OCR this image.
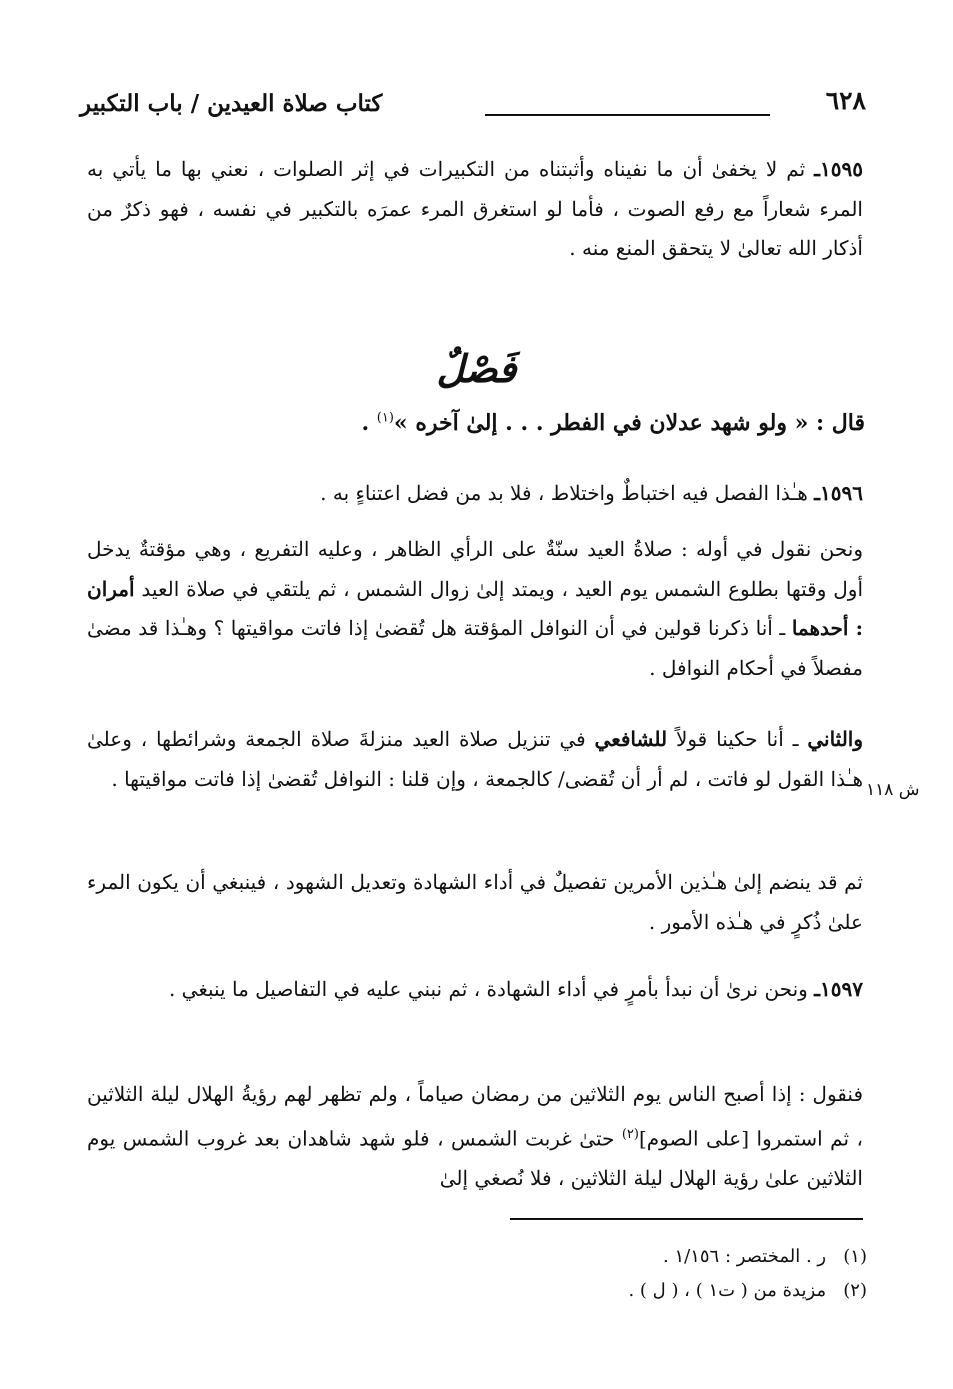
٦٢٨
كتاب صلاة العيدين / باب التكبير

١٥٩٥ـ ثم لا يخفىٰ أن ما نفيناه وأثبتناه من التكبيرات في إثر الصلوات ، نعني بها ما يأتي به المرء شعاراً مع رفع الصوت ، فأما لو استغرق المرء عمرَه بالتكبير في نفسه ، فهو ذكرٌ من أذكار الله تعالىٰ لا يتحقق المنع منه .

فَصْلٌ
قال : « ولو شهد عدلان في الفطر . . . إلىٰ آخره »$^{(١)}$ .

١٥٩٦ـ هـٰذا الفصل فيه اختباطٌ واختلاط ، فلا بد من فضل اعتناءٍ به .

ونحن نقول في أوله : صلاةُ العيد سنّةٌ على الرأي الظاهر ، وعليه التفريع ، وهي مؤقتةٌ يدخل أول وقتها بطلوع الشمس يوم العيد ، ويمتد إلىٰ زوال الشمس ، ثم يلتقي في صلاة العيد أمران : أحدهما ـ أنا ذكرنا قولين في أن النوافل المؤقتة هل تُقضىٰ إذا فاتت مواقيتها ؟ وهـٰذا قد مضىٰ مفصلاً في أحكام النوافل .

والثاني ـ أنا حكينا قولاً للشافعي في تنزيل صلاة العيد منزلةَ صلاة الجمعة وشرائطها ، وعلىٰ هـٰذا القول لو فاتت ، لم أر أن تُقضى/ كالجمعة ، وإن قلنا : النوافل تُقضىٰ إذا فاتت مواقيتها . ش ١١٨

ثم قد ينضم إلىٰ هـٰذين الأمرين تفصيلٌ في أداء الشهادة وتعديل الشهود ، فينبغي أن يكون المرء علىٰ ذُكرٍ في هـٰذه الأمور .

١٥٩٧ـ ونحن نرىٰ أن نبدأ بأمرٍ في أداء الشهادة ، ثم نبني عليه في التفاصيل ما ينبغي .

فنقول : إذا أصبح الناس يوم الثلاثين من رمضان صياماً ، ولم تظهر لهم رؤيةُ الهلال ليلة الثلاثين ، ثم استمروا [على الصوم]$^{(٢)}$ حتىٰ غربت الشمس ، فلو شهد شاهدان بعد غروب الشمس يوم الثلاثين علىٰ رؤية الهلال ليلة الثلاثين ، فلا نُصغي إلىٰ

(١)   ر . المختصر : ١/١٥٦ .
(٢)   مزيدة من ( ت١ ) ، ( ل ) .
